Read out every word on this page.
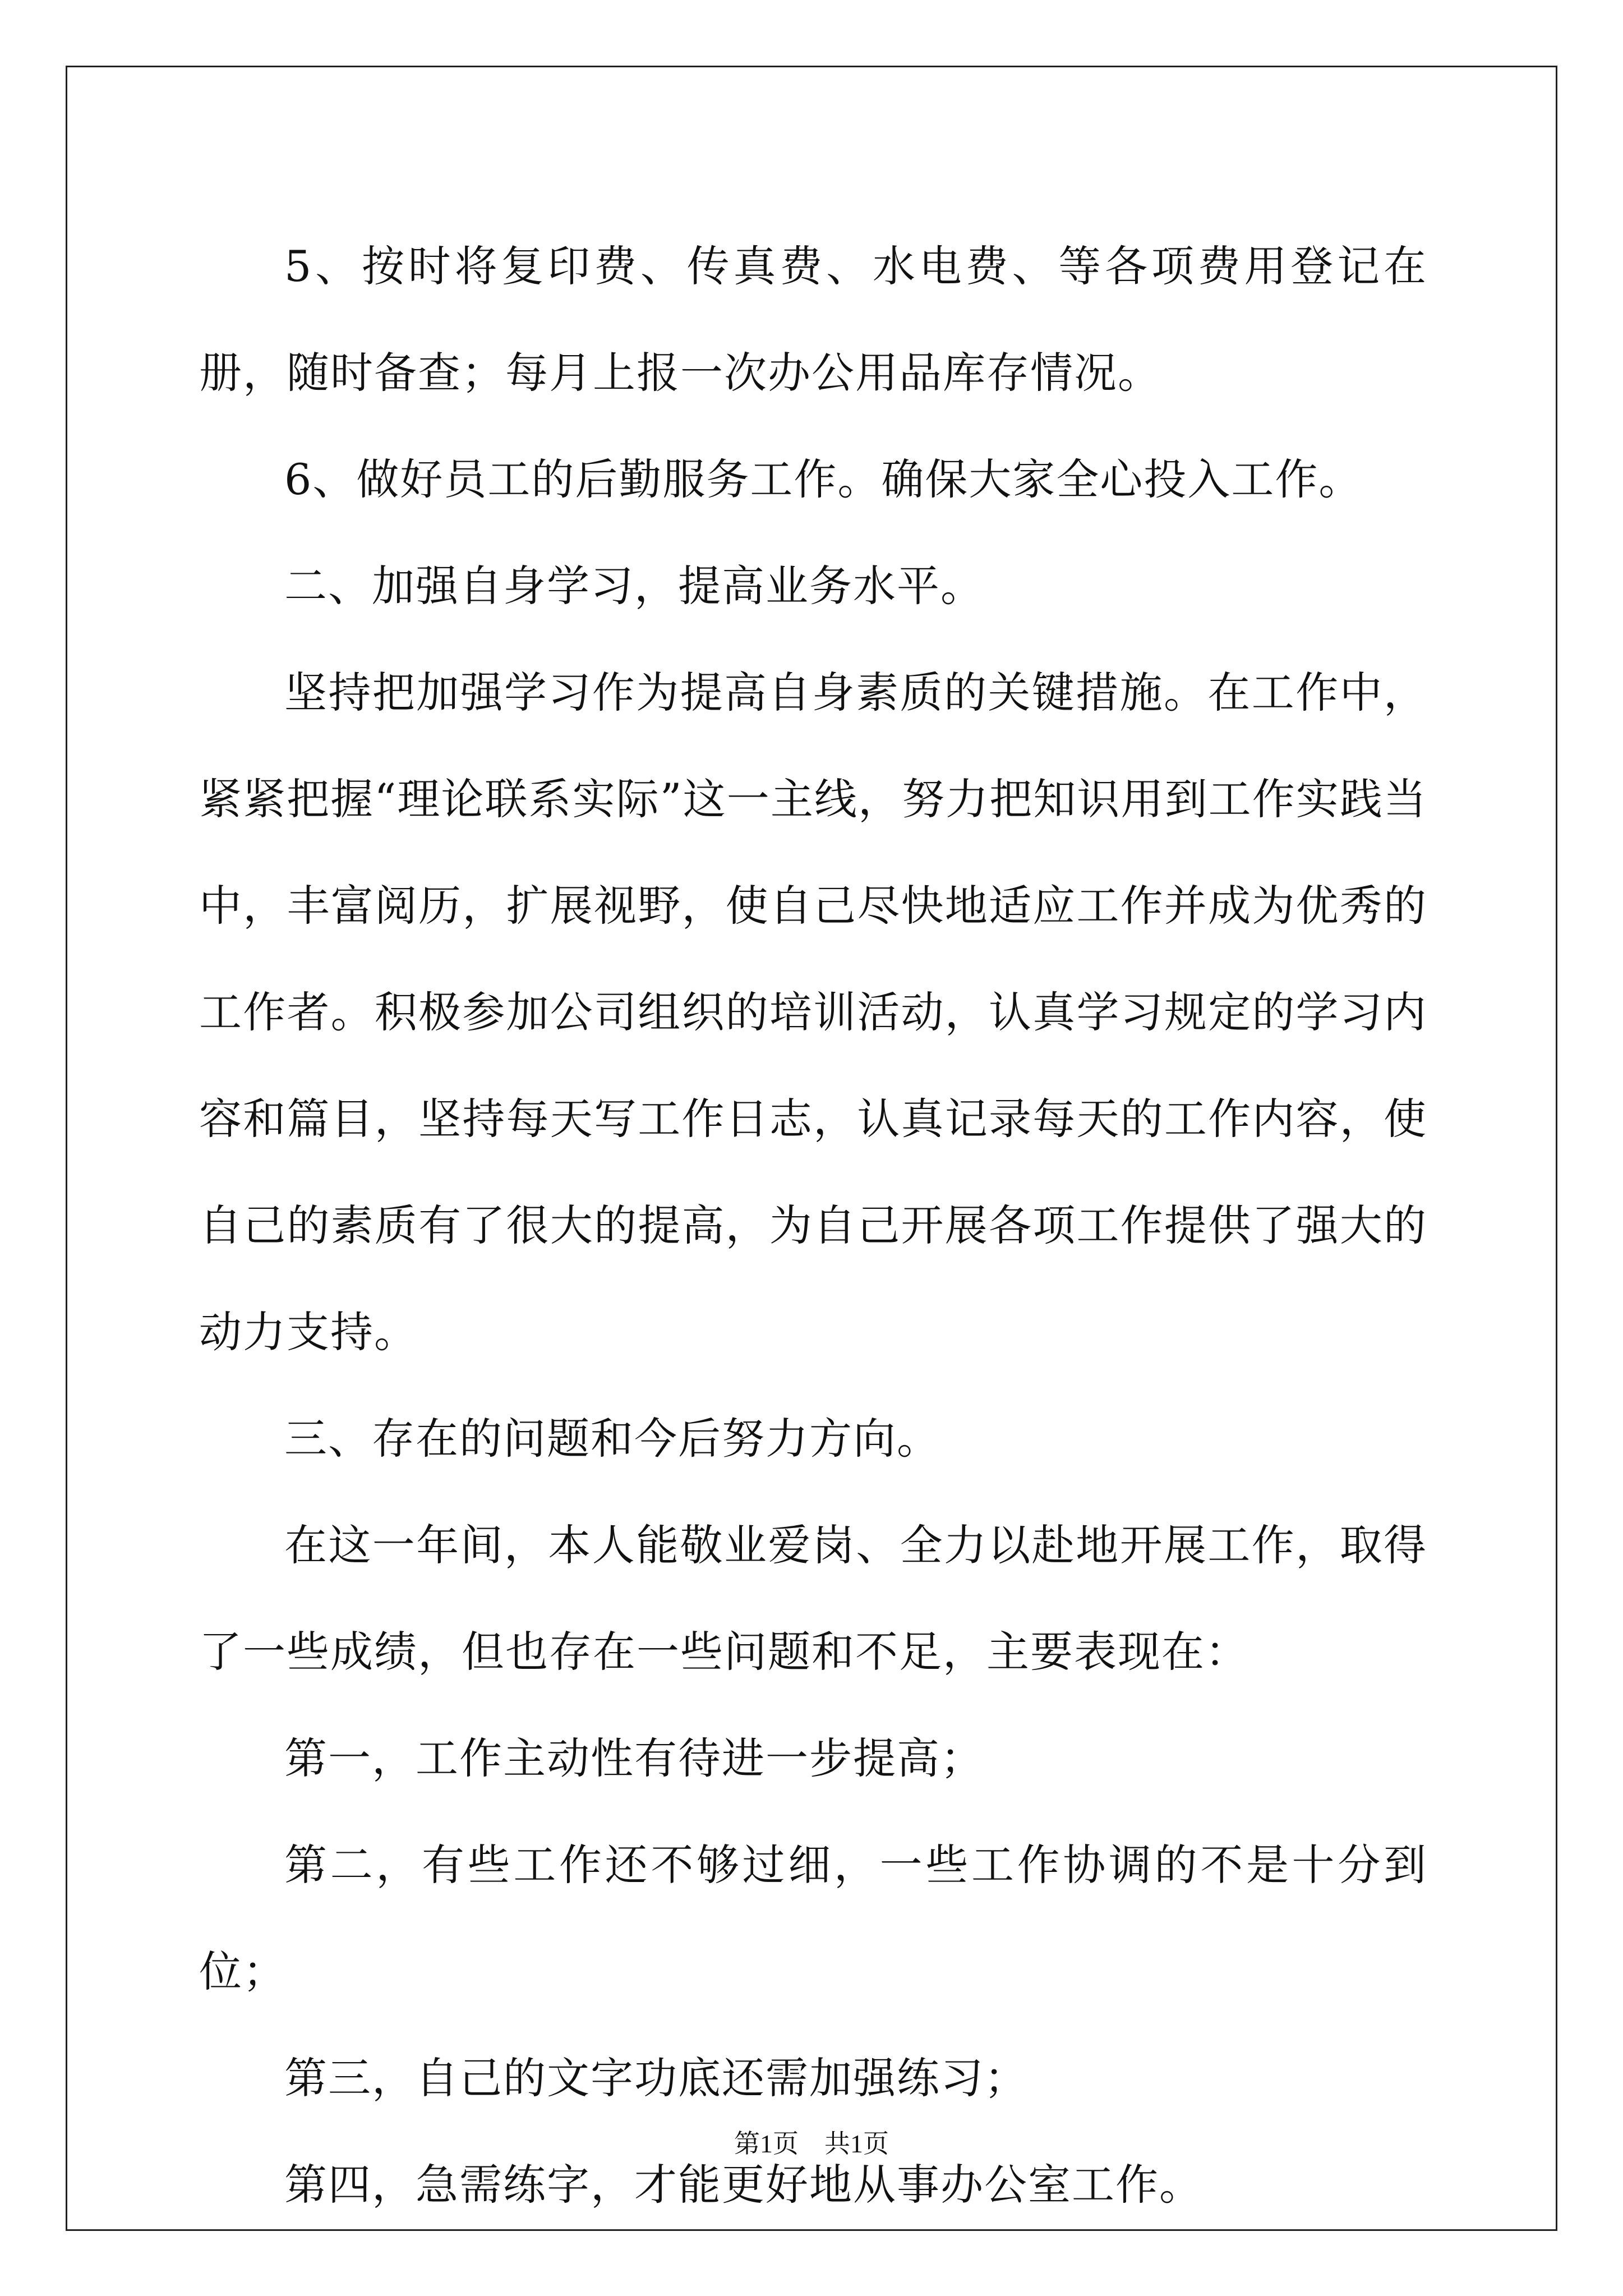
5、按时将复印费、传真费、水电费、等各项费用登记在册，随时备查；每月上报一次办公用品库存情况。

6、做好员工的后勤服务工作。确保大家全心投入工作。

二、加强自身学习，提高业务水平。

坚持把加强学习作为提高自身素质的关键措施。在工作中，紧紧把握“理论联系实际”这一主线，努力把知识用到工作实践当中，丰富阅历，扩展视野，使自己尽快地适应工作并成为优秀的工作者。积极参加公司组织的培训活动，认真学习规定的学习内容和篇目，坚持每天写工作日志，认真记录每天的工作内容，使自己的素质有了很大的提高，为自己开展各项工作提供了强大的动力支持。

三、存在的问题和今后努力方向。

在这一年间，本人能敬业爱岗、全力以赴地开展工作，取得了一些成绩，但也存在一些问题和不足，主要表现在：

第一，工作主动性有待进一步提高；

第二，有些工作还不够过细，一些工作协调的不是十分到位；

第三，自己的文字功底还需加强练习；

第四，急需练字，才能更好地从事办公室工作。

第1页 共1页
